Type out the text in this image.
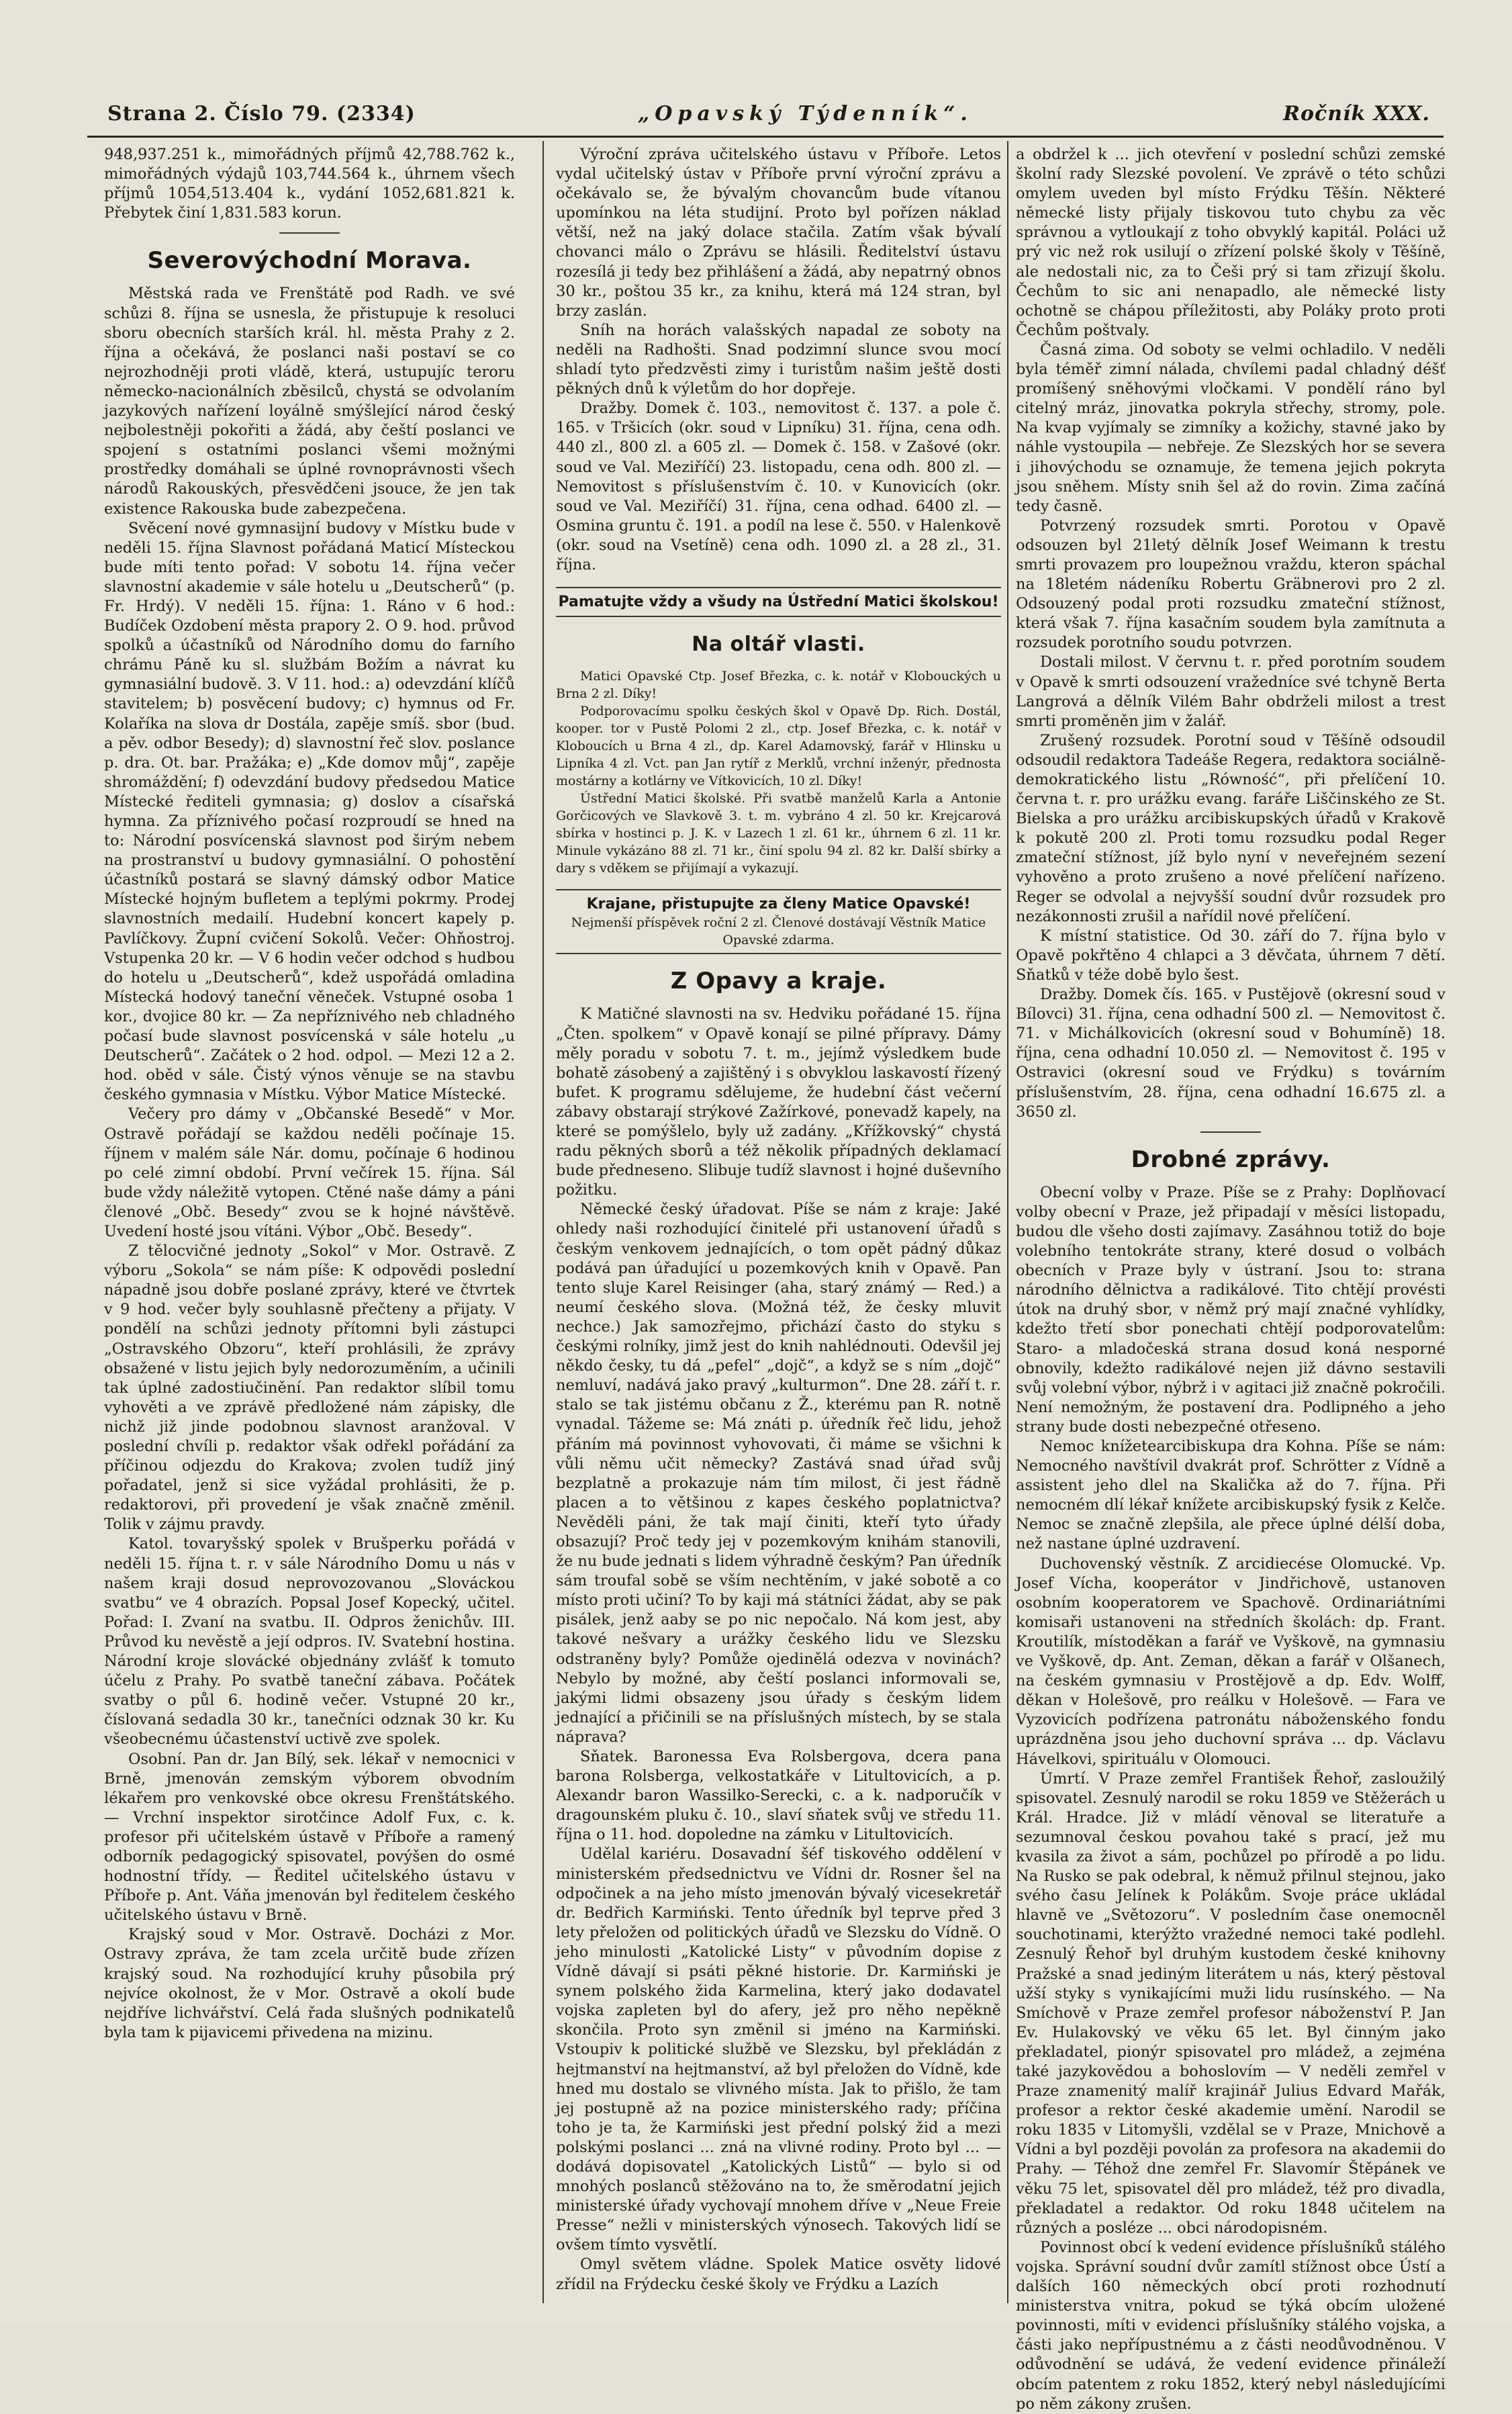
Strana 2. Číslo 79. (2334)	„Opavský Týdenník“.	Ročník XXX.

948,937.251 k., mimořádných příjmů 42,788.762 k., mimořádných výdajů 103,744.564 k., úhrnem všech příjmů 1054,513.404 k., vydání 1052,681.821 k. Přebytek činí 1,831.583 korun.

Severovýchodní Morava.

Městská rada ve Frenštátě pod Radh. ve své schůzi 8. října se usnesla, že přistupuje k resoluci sboru obecních starších král. hl. města Prahy z 2. října a očekává, že poslanci naši postaví se co nejrozhodněji proti vládě, která, ustupujíc teroru německo-nacionálních zběsilců, chystá se odvolaním jazykových nařízení loyálně smýšlející národ český nejbolestněji pokořiti a žádá, aby čeští poslanci ve spojení s ostatními poslanci všemi možnými prostředky domáhali se úplné rovnoprávnosti všech národů Rakouských, přesvědčeni jsouce, že jen tak existence Rakouska bude zabezpečena.

Svěcení nové gymnasijní budovy v Místku bude v neděli 15. října Slavnost pořádaná Maticí Místeckou bude míti tento pořad: V sobotu 14. října večer slavnostní akademie v sále hotelu u „Deutscherů“ (p. Fr. Hrdý). V neděli 15. října: 1. Ráno v 6 hod.: Budíček Ozdobení města prapory 2. O 9. hod. průvod spolků a účastníků od Národního domu do farního chrámu Páně ku sl. službám Božím a návrat ku gymnasiální budově. 3. V 11. hod.: a) odevzdání klíčů stavitelem; b) posvěcení budovy; c) hymnus od Fr. Kolaříka na slova dr Dostála, zapěje smíš. sbor (bud. a pěv. odbor Besedy); d) slavnostní řeč slov. poslance p. dra. Ot. bar. Pražáka; e) „Kde domov můj“, zapěje shromáždění; f) odevzdání budovy předsedou Matice Místecké řediteli gymnasia; g) doslov a císařská hymna. Za příznivého počasí rozproudí se hned na to: Národní posvícenská slavnost pod širým nebem na prostranství u budovy gymnasiální. O pohostění účastníků postará se slavný dámský odbor Matice Místecké hojným bufletem a teplými pokrmy. Prodej slavnostních medailí. Hudební koncert kapely p. Pavlíčkovy. Župní cvičení Sokolů. Večer: Ohňostroj. Vstupenka 20 kr. — V 6 hodin večer odchod s hudbou do hotelu u „Deutscherů“, kdež uspořádá omladina Místecká hodový taneční věneček. Vstupné osoba 1 kor., dvojice 80 kr. — Za nepříznivého neb chladného počasí bude slavnost posvícenská v sále hotelu „u Deutscherů“. Začátek o 2 hod. odpol. — Mezi 12 a 2. hod. oběd v sále. Čistý výnos věnuje se na stavbu českého gymnasia v Místku. Výbor Matice Místecké.

Večery pro dámy v „Občanské Besedě“ v Mor. Ostravě pořádají se každou neděli počínaje 15. říjnem v malém sále Nár. domu, počínaje 6 hodinou po celé zimní období. První večírek 15. října. Sál bude vždy náležitě vytopen. Ctěné naše dámy a páni členové „Obč. Besedy“ zvou se k hojné návštěvě. Uvedení hosté jsou vítáni. Výbor „Obč. Besedy“.

Z tělocvičné jednoty „Sokol“ v Mor. Ostravě. Z výboru „Sokola“ se nám píše: K odpovědi poslední nápadně jsou dobře poslané zprávy, které ve čtvrtek v 9 hod. večer byly souhlasně přečteny a přijaty. V pondělí na schůzi jednoty přítomni byli zástupci „Ostravského Obzoru“, kteří prohlásili, že zprávy obsažené v listu jejich byly nedorozuměním, a učinili tak úplné zadostiučinění. Pan redaktor slíbil tomu vyhověti a ve zprávě předložené nám zápisky, dle nichž již jinde podobnou slavnost aranžoval. V poslední chvíli p. redaktor však odřekl pořádání za příčinou odjezdu do Krakova; zvolen tudíž jiný pořadatel, jenž si sice vyžádal prohlásiti, že p. redaktorovi, při provedení je však značně změnil. Tolik v zájmu pravdy.

Katol. tovaryšský spolek v Brušperku pořádá v neděli 15. října t. r. v sále Národního Domu u nás v našem kraji dosud neprovozovanou „Slováckou svatbu“ ve 4 obrazích. Popsal Josef Kopecký, učitel. Pořad: I. Zvaní na svatbu. II. Odpros ženichův. III. Průvod ku nevěstě a její odpros. IV. Svatební hostina. Národní kroje slovácké objednány zvlášť k tomuto účelu z Prahy. Po svatbě taneční zábava. Počátek svatby o půl 6. hodině večer. Vstupné 20 kr., číslovaná sedadla 30 kr., tanečníci odznak 30 kr. Ku všeobecnému účastenství uctivě zve spolek.

Osobní. Pan dr. Jan Bílý, sek. lékař v nemocnici v Brně, jmenován zemským výborem obvodním lékařem pro venkovské obce okresu Frenštátského. — Vrchní inspektor sirotčince Adolf Fux, c. k. profesor při učitelském ústavě v Příboře a ramený odborník pedagogický spisovatel, povýšen do osmé hodnostní třídy. — Ředitel učitelského ústavu v Příboře p. Ant. Váňa jmenován byl ředitelem českého učitelského ústavu v Brně.

Krajský soud v Mor. Ostravě. Docházi z Mor. Ostravy zpráva, že tam zcela určitě bude zřízen krajský soud. Na rozhodující kruhy působila prý nejvíce okolnost, že v Mor. Ostravě a okolí bude nejdříve lichvářství. Celá řada slušných podnikatelů byla tam k pijavicemi přivedena na mizinu.

Výroční zpráva učitelského ústavu v Příboře. Letos vydal učitelský ústav v Příboře první výroční zprávu a očekávalo se, že bývalým chovancům bude vítanou upomínkou na léta studijní. Proto byl pořízen náklad větší, než na jaký dolace stačila. Zatím však bývalí chovanci málo o Zprávu se hlásili. Ředitelství ústavu rozesílá ji tedy bez přihlášení a žádá, aby nepatrný obnos 30 kr., poštou 35 kr., za knihu, která má 124 stran, byl brzy zaslán.

Sníh na horách valašských napadal ze soboty na neděli na Radhošti. Snad podzimní slunce svou mocí shladí tyto předzvěsti zimy i turistům našim ještě dosti pěkných dnů k výletům do hor dopřeje.

Dražby. Domek č. 103., nemovitost č. 137. a pole č. 165. v Tršicích (okr. soud v Lipníku) 31. října, cena odh. 440 zl., 800 zl. a 605 zl. — Domek č. 158. v Zašové (okr. soud ve Val. Meziříčí) 23. listopadu, cena odh. 800 zl. — Nemovitost s příslušenstvím č. 10. v Kunovicích (okr. soud ve Val. Meziříčí) 31. října, cena odhad. 6400 zl. — Osmina gruntu č. 191. a podíl na lese č. 550. v Halenkově (okr. soud na Vsetíně) cena odh. 1090 zl. a 28 zl., 31. října.

Pamatujte vždy a všudy na Ústřední Matici školskou!
Na oltář vlasti.

Matici Opavské Ctp. Josef Březka, c. k. notář v Klobouckých u Brna 2 zl. Díky!

Podporovacímu spolku českých škol v Opavě Dp. Rich. Dostál, kooper. tor v Pustě Polomi 2 zl., ctp. Josef Březka, c. k. notář v Kloboucích u Brna 4 zl., dp. Karel Adamovský, farář v Hlinsku u Lipníka 4 zl. Vct. pan Jan rytíř z Merklů, vrchní inženýr, přednosta mostárny a kotlárny ve Vítkovicích, 10 zl. Díky!

Ústřední Matici školské. Při svatbě manželů Karla a Antonie Gorčicových ve Slavkově 3. t. m. vybráno 4 zl. 50 kr. Krejcarová sbírka v hostinci p. J. K. v Lazech 1 zl. 61 kr., úhrnem 6 zl. 11 kr. Minule vykázáno 88 zl. 71 kr., činí spolu 94 zl. 82 kr. Další sbírky a dary s vděkem se přijímají a vykazují.

Krajane, přistupujte za členy Matice Opavské!
Nejmenší příspěvek roční 2 zl. Členové dostávají Věstník Matice Opavské zdarma.
Z Opavy a kraje.

K Matičné slavnosti na sv. Hedviku pořádané 15. října „Čten. spolkem“ v Opavě konají se pilné přípravy. Dámy měly poradu v sobotu 7. t. m., jejímž výsledkem bude bohatě zásobený a zajištěný i s obvyklou laskavostí řízený bufet. K programu sdělujeme, že hudební část večerní zábavy obstarají strýkové Zažírkové, ponevadž kapely, na které se pomýšlelo, byly už zadány. „Křížkovský“ chystá radu pěkných sborů a též několik případných deklamací bude předneseno. Slibuje tudíž slavnost i hojné duševního požitku.

Německé český úřadovat. Píše se nám z kraje: Jaké ohledy naši rozhodující činitelé při ustanovení úřadů s českým venkovem jednajících, o tom opět pádný důkaz podává pan úřadující u pozemkových knih v Opavě. Pan tento sluje Karel Reisinger (aha, starý známý — Red.) a neumí českého slova. (Možná též, že česky mluvit nechce.) Jak samozřejmo, přichází často do styku s českými rolníky, jimž jest do knih nahlédnouti. Odevšil jej někdo česky, tu dá „pefel“ „dojč“, a když se s ním „dojč“ nemluví, nadává jako pravý „kulturmon“. Dne 28. září t. r. stalo se tak jistému občanu z Ž., kterému pan R. notně vynadal. Tážeme se: Má znáti p. úředník řeč lidu, jehož přáním má povinnost vyhovovati, či máme se všichni k vůli němu učit německy? Zastává snad úřad svůj bezplatně a prokazuje nám tím milost, či jest řádně placen a to většinou z kapes českého poplatnictva? Nevěděli páni, že tak mají činiti, kteří tyto úřady obsazují? Proč tedy jej v pozemkovým knihám stanovili, že nu bude jednati s lidem výhradně českým? Pan úředník sám troufal sobě se vším nechtěním, v jaké sobotě a co místo proti učiní? To by kaji má státníci žádat, aby se pak pisálek, jenž aaby se po nic nepočalo. Ná kom jest, aby takové nešvary a urážky českého lidu ve Slezsku odstraněny byly? Pomůže ojedinělá odezva v novinách? Nebylo by možné, aby čeští poslanci informovali se, jakými lidmi obsazeny jsou úřady s českým lidem jednající a přičinili se na příslušných místech, by se stala náprava?

Sňatek. Baronessa Eva Rolsbergova, dcera pana barona Rolsberga, velkostatkáře v Litultovicích, a p. Alexandr baron Wassilko-Serecki, c. a k. nadporučík v dragounském pluku č. 10., slaví sňatek svůj ve středu 11. října o 11. hod. dopoledne na zámku v Litultovicích.

Udělal kariéru. Dosavadní šéf tiskového oddělení v ministerském předsednictvu ve Vídni dr. Rosner šel na odpočinek a na jeho místo jmenován bývalý vicesekretář dr. Bedřich Karmiński. Tento úředník byl teprve před 3 lety přeložen od politických úřadů ve Slezsku do Vídně. O jeho minulosti „Katolické Listy“ v původním dopise z Vídně dávají si psáti pěkné historie. Dr. Karmiński je synem polského žida Karmelina, který jako dodavatel vojska zapleten byl do afery, jež pro něho nepěkně skončila. Proto syn změnil si jméno na Karmiński. Vstoupiv k politické službě ve Slezsku, byl překládán z hejtmanství na hejtmanství, až byl přeložen do Vídně, kde hned mu dostalo se vlivného místa. Jak to přišlo, že tam jej postupně až na pozice ministerského rady; příčina toho je ta, že Karmiński jest přední polský žid a mezi polskými poslanci ... zná na vlivné rodiny. Proto byl ... — dodává dopisovatel „Katolických Listů“ — bylo si od mnohých poslanců stěžováno na to, že směrodatní jejich ministerské úřady vychovají mnohem dříve v „Neue Freie Presse“ nežli v ministerských výnosech. Takových lidí se ovšem tímto vysvětlí.

Omyl světem vládne. Spolek Matice osvěty lidové zřídil na Frýdecku české školy ve Frýdku a Lazích

a obdržel k ... jich otevření v poslední schůzi zemské školní rady Slezské povolení. Ve zprávě o této schůzi omylem uveden byl místo Frýdku Těšín. Některé německé listy přijaly tiskovou tuto chybu za věc správnou a vytloukají z toho obvyklý kapitál. Poláci už prý vic než rok usilují o zřízení polské školy v Těšíně, ale nedostali nic, za to Češi prý si tam zřizují školu. Čechům to sic ani nenapadlo, ale německé listy ochotně se chápou příležitosti, aby Poláky proto proti Čechům poštvaly.

Časná zima. Od soboty se velmi ochladilo. V neděli byla téměř zimní nálada, chvílemi padal chladný déšť promíšený sněhovými vločkami. V pondělí ráno byl citelný mráz, jinovatka pokryla střechy, stromy, pole. Na kvap vyjímaly se zimníky a kožichy, stavné jako by náhle vystoupila — nebřeje. Ze Slezských hor se severa i jihovýchodu se oznamuje, že temena jejich pokryta jsou sněhem. Místy snih šel až do rovin. Zima začíná tedy časně.

Potvrzený rozsudek smrti. Porotou v Opavě odsouzen byl 21letý dělník Josef Weimann k trestu smrti provazem pro loupežnou vraždu, kteron spáchal na 18letém nádeníku Robertu Gräbnerovi pro 2 zl. Odsouzený podal proti rozsudku zmateční stížnost, která však 7. října kasačním soudem byla zamítnuta a rozsudek porotního soudu potvrzen.

Dostali milost. V červnu t. r. před porotním soudem v Opavě k smrti odsouzení vražedníce své tchyně Berta Langrová a dělník Vilém Bahr obdrželi milost a trest smrti proměněn jim v žalář.

Zrušený rozsudek. Porotní soud v Těšíně odsoudil odsoudil redaktora Tadeáše Regera, redaktora sociálně-demokratického listu „Równość“, při přelíčení 10. června t. r. pro urážku evang. faráře Liščinského ze St. Bielska a pro urážku arcibiskupských úřadů v Krakově k pokutě 200 zl. Proti tomu rozsudku podal Reger zmateční stížnost, jíž bylo nyní v neveřejném sezení vyhověno a proto zrušeno a nové přelíčení nařízeno. Reger se odvolal a nejvyšší soudní dvůr rozsudek pro nezákonnosti zrušil a nařídil nové přelíčení.

K místní statistice. Od 30. září do 7. října bylo v Opavě pokřtěno 4 chlapci a 3 děvčata, úhrnem 7 dětí. Sňatků v téže době bylo šest.

Dražby. Domek čís. 165. v Pustějově (okresní soud v Bílovci) 31. října, cena odhadní 500 zl. — Nemovitost č. 71. v Michálkovicích (okresní soud v Bohumíně) 18. října, cena odhadní 10.050 zl. — Nemovitost č. 195 v Ostravici (okresní soud ve Frýdku) s továrním příslušenstvím, 28. října, cena odhadní 16.675 zl. a 3650 zl.

Drobné zprávy.

Obecní volby v Praze. Píše se z Prahy: Doplňovací volby obecní v Praze, jež připadají v měsíci listopadu, budou dle všeho dosti zajímavy. Zasáhnou totiž do boje volebního tentokráte strany, které dosud o volbách obecních v Praze byly v ústraní. Jsou to: strana národního dělnictva a radikálové. Tito chtějí provésti útok na druhý sbor, v němž prý mají značné vyhlídky, kdežto třetí sbor ponechati chtějí podporovatelům: Staro- a mladočeská strana dosud koná nesporné obnovily, kdežto radikálové nejen již dávno sestavili svůj volební výbor, nýbrž i v agitaci již značně pokročili. Není nemožným, že postavení dra. Podlipného a jeho strany bude dosti nebezpečné otřeseno.

Nemoc knížetearcibiskupa dra Kohna. Píše se nám: Nemocného navštívil dvakrát prof. Schrötter z Vídně a assistent jeho dlel na Skalička až do 7. října. Při nemocném dlí lékař knížete arcibiskupský fysik z Kelče. Nemoc se značně zlepšila, ale přece úplné délší doba, než nastane úplné uzdravení.

Duchovenský věstník. Z arcidiecése Olomucké. Vp. Josef Vícha, kooperátor v Jindřichově, ustanoven osobním kooperatorem ve Spachově. Ordinariátními komisaři ustanoveni na středních školách: dp. Frant. Kroutilík, místoděkan a farář ve Vyškově, na gymnasiu ve Vyškově, dp. Ant. Zeman, děkan a farář v Olšanech, na českém gymnasiu v Prostějově a dp. Edv. Wolff, děkan v Holešově, pro reálku v Holešově. — Fara ve Vyzovicích podřízena patronátu náboženského fondu uprázdněna jsou jeho duchovní správa ... dp. Václavu Hávelkovi, spirituálu v Olomouci.

Úmrtí. V Praze zemřel František Řehoř, zasloužilý spisovatel. Zesnulý narodil se roku 1859 ve Stěžerách u Král. Hradce. Již v mládí věnoval se literatuře a sezumnoval českou povahou také s prací, jež mu kvasila za život a sám, pochůzel po přírodě a po lidu. Na Rusko se pak odebral, k němuž přilnul stejnou, jako svého času Jelínek k Polákům. Svoje práce ukládal hlavně ve „Světozoru“. V posledním čase onemocněl souchotinami, kterýžto vražedné nemoci také podlehl. Zesnulý Řehoř byl druhým kustodem české knihovny Pražské a snad jediným literátem u nás, který pěstoval užší styky s vynikajícími muži lidu rusínského. — Na Smíchově v Praze zemřel profesor náboženství P. Jan Ev. Hulakovský ve věku 65 let. Byl činným jako překladatel, pionýr spisovatel pro mládež, a zejména také jazykovědou a bohoslovím — V neděli zemřel v Praze znamenitý malíř krajinář Julius Edvard Mařák, profesor a rektor české akademie umění. Narodil se roku 1835 v Litomyšli, vzdělal se v Praze, Mnichově a Vídni a byl později povolán za profesora na akademii do Prahy. — Téhož dne zemřel Fr. Slavomír Štěpánek ve věku 75 let, spisovatel děl pro mládež, též pro divadla, překladatel a redaktor. Od roku 1848 učitelem na různých a posléze ... obci národopisném.

Povinnost obcí k vedení evidence příslušníků stálého vojska. Správní soudní dvůr zamítl stížnost obce Ústí a dalších 160 německých obcí proti rozhodnutí ministerstva vnitra, pokud se týká obcím uložené povinnosti, míti v evidenci příslušníky stálého vojska, a části jako nepřípustnému a z části neodůvodněnou. V odůvodnění se udává, že vedení evidence přináleží obcím patentem z roku 1852, který nebyl následujícími po něm zákony zrušen.
